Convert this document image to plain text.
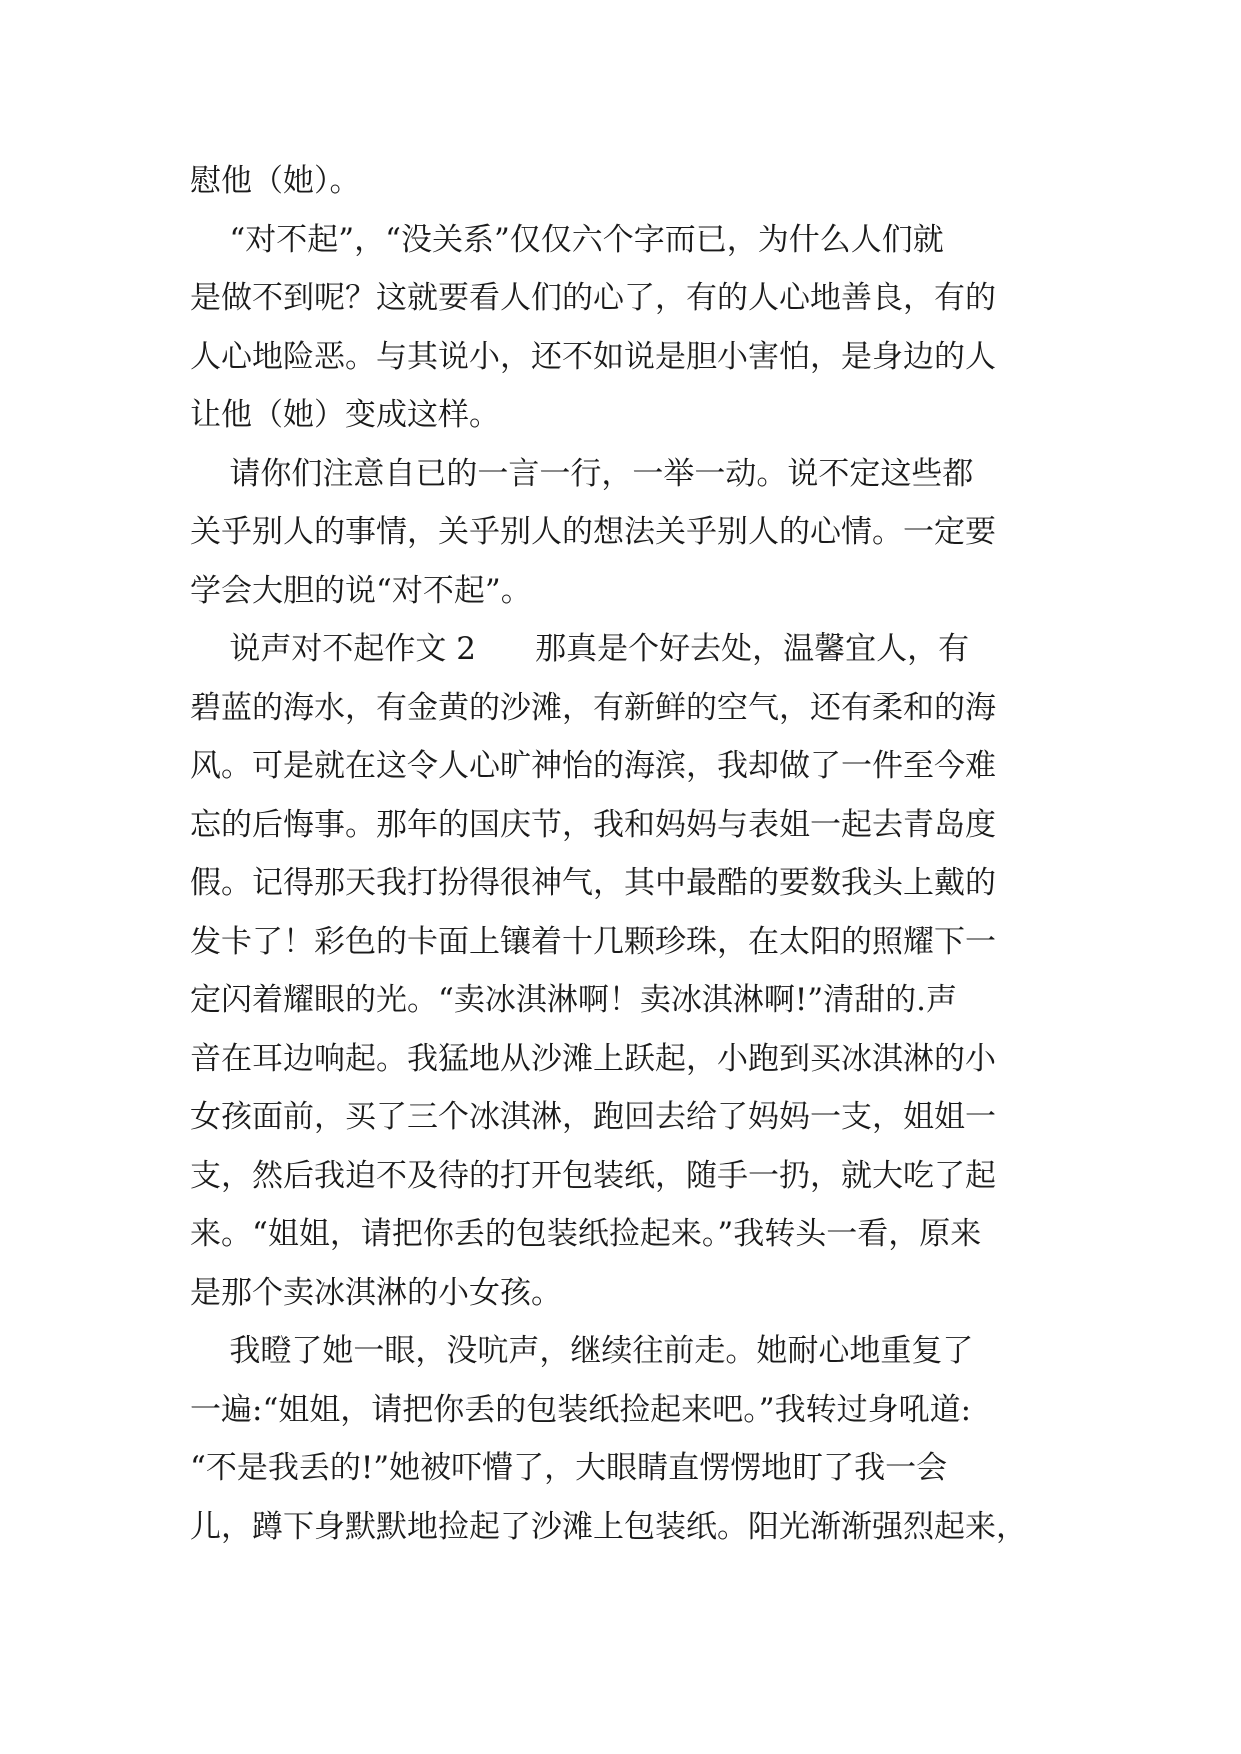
慰他（她）。
“对不起”，“没关系”仅仅六个字而已，为什么人们就
是做不到呢？这就要看人们的心了，有的人心地善良，有的
人心地险恶。与其说小，还不如说是胆小害怕，是身边的人
让他（她）变成这样。
请你们注意自已的一言一行，一举一动。说不定这些都
关乎别人的事情，关乎别人的想法关乎别人的心情。一定要
学会大胆的说“对不起”。
说声对不起作文 2      那真是个好去处，温馨宜人，有
碧蓝的海水，有金黄的沙滩，有新鲜的空气，还有柔和的海
风。可是就在这令人心旷神怡的海滨，我却做了一件至今难
忘的后悔事。那年的国庆节，我和妈妈与表姐一起去青岛度
假。记得那天我打扮得很神气，其中最酷的要数我头上戴的
发卡了！彩色的卡面上镶着十几颗珍珠，在太阳的照耀下一
定闪着耀眼的光。“卖冰淇淋啊！卖冰淇淋啊!”清甜的.声
音在耳边响起。我猛地从沙滩上跃起，小跑到买冰淇淋的小
女孩面前，买了三个冰淇淋，跑回去给了妈妈一支，姐姐一
支，然后我迫不及待的打开包装纸，随手一扔，就大吃了起
来。“姐姐，请把你丢的包装纸捡起来。”我转头一看，原来
是那个卖冰淇淋的小女孩。
我瞪了她一眼，没吭声，继续往前走。她耐心地重复了
一遍:“姐姐，请把你丢的包装纸捡起来吧。”我转过身吼道:
“不是我丢的!”她被吓懵了，大眼睛直愣愣地盯了我一会
儿，蹲下身默默地捡起了沙滩上包装纸。阳光渐渐强烈起来，
